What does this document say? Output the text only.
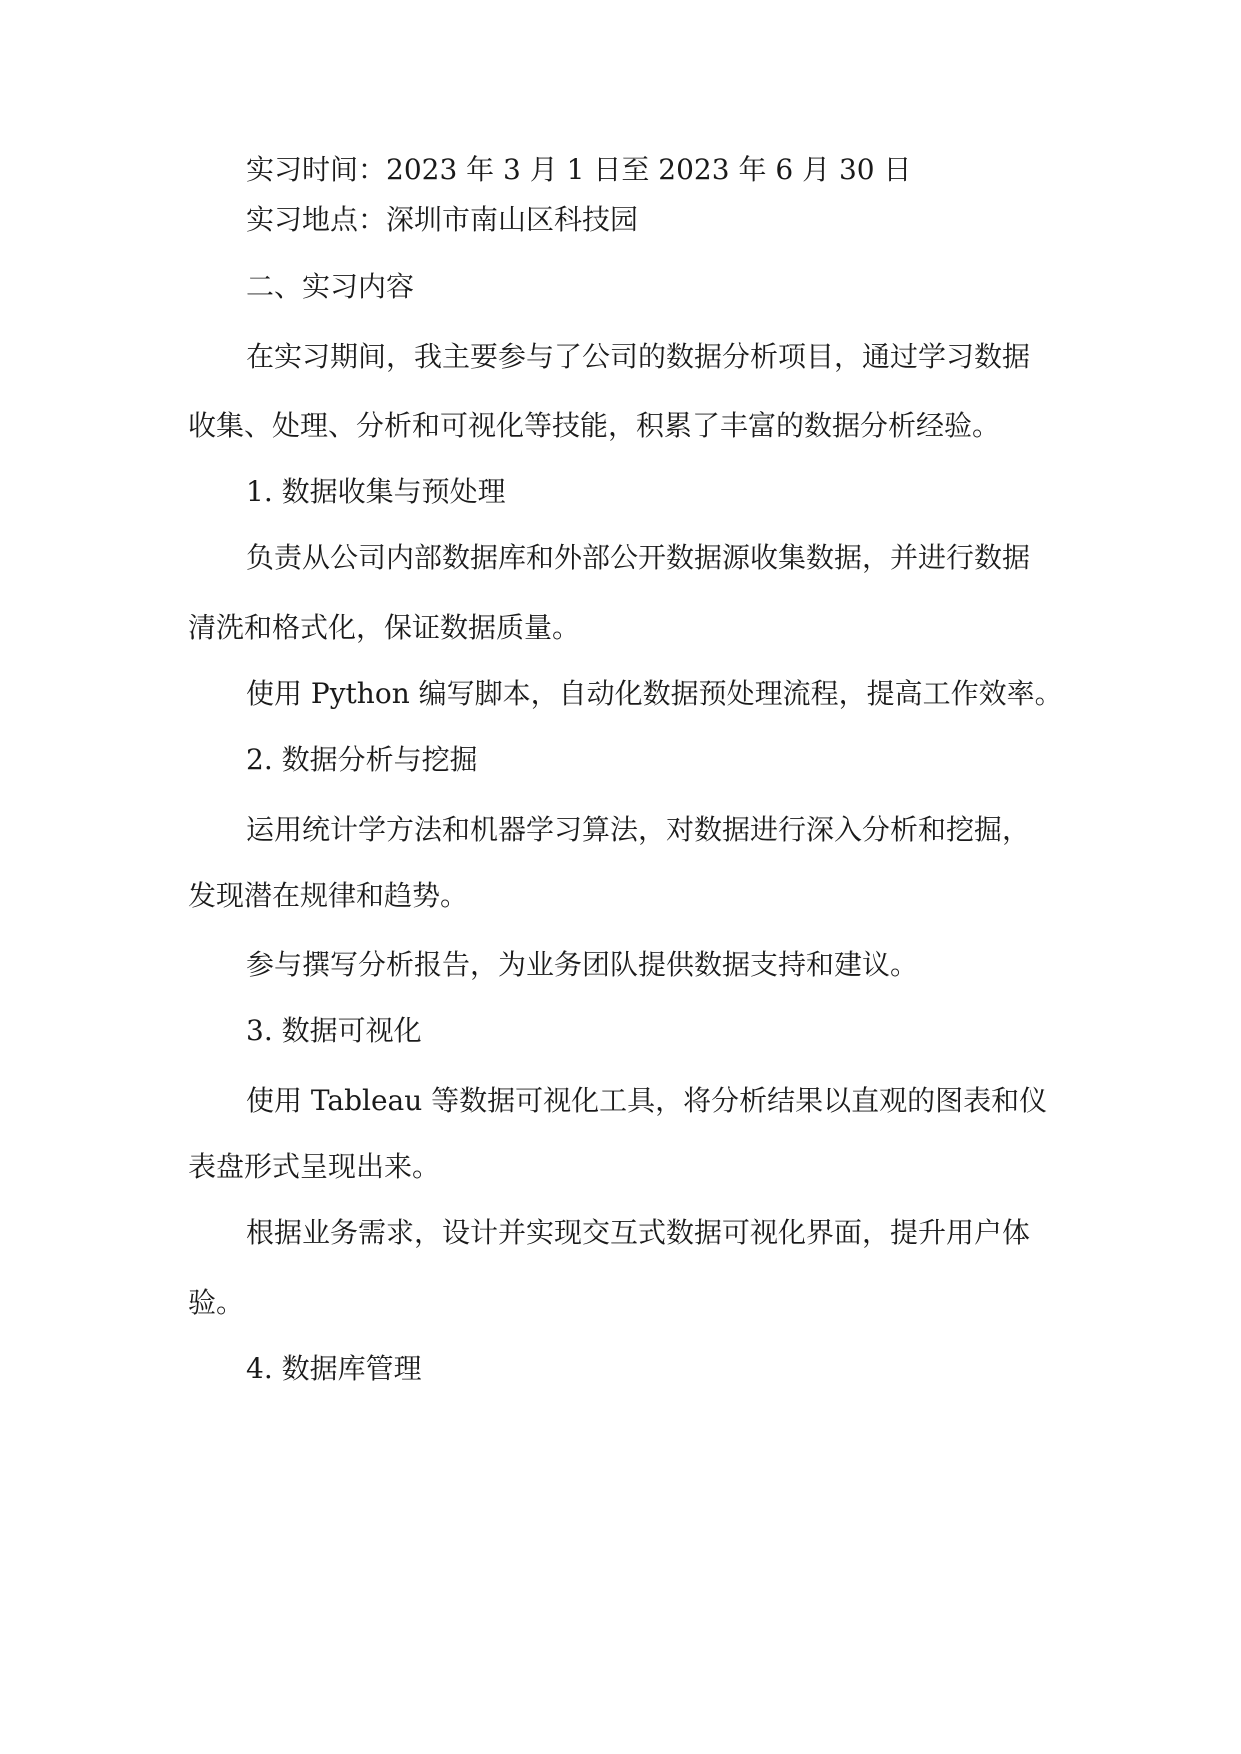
实习时间：2023 年 3 月 1 日至 2023 年 6 月 30 日
实习地点：深圳市南山区科技园
二、实习内容
在实习期间，我主要参与了公司的数据分析项目，通过学习数据
收集、处理、分析和可视化等技能，积累了丰富的数据分析经验。
1. 数据收集与预处理
负责从公司内部数据库和外部公开数据源收集数据，并进行数据
清洗和格式化，保证数据质量。
使用 Python 编写脚本，自动化数据预处理流程，提高工作效率。
2. 数据分析与挖掘
运用统计学方法和机器学习算法，对数据进行深入分析和挖掘，
发现潜在规律和趋势。
参与撰写分析报告，为业务团队提供数据支持和建议。
3. 数据可视化
使用 Tableau 等数据可视化工具，将分析结果以直观的图表和仪
表盘形式呈现出来。
根据业务需求，设计并实现交互式数据可视化界面，提升用户体
验。
4. 数据库管理
